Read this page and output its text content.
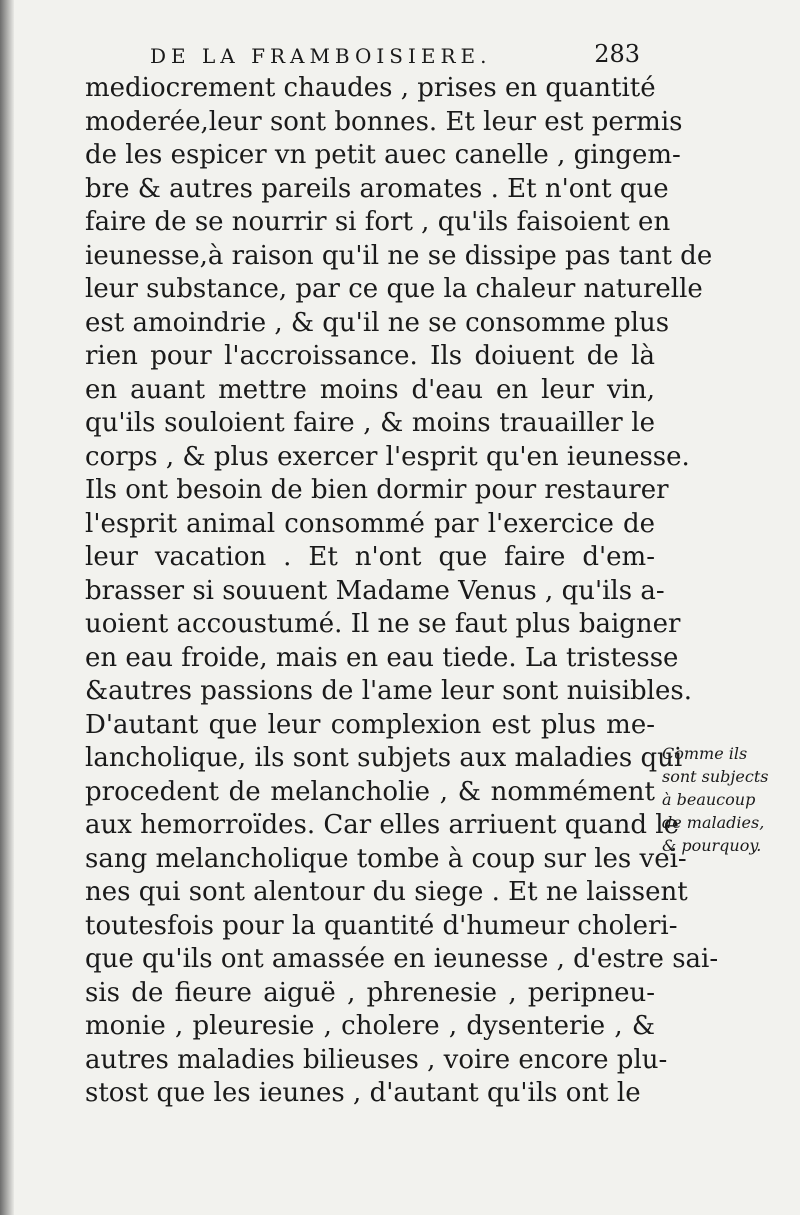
DE LA FRAMBOISIERE.	283
mediocrement chaudes , prises en quantité
moderée,leur sont bonnes. Et leur est permis
de les espicer vn petit auec canelle , gingem-
bre & autres pareils aromates . Et n'ont que
faire de se nourrir si fort , qu'ils faisoient en
ieunesse,à raison qu'il ne se dissipe pas tant de
leur substance, par ce que la chaleur naturelle
est amoindrie , & qu'il ne se consomme plus
rien pour l'accroissance. Ils doiuent de là
en auant mettre moins d'eau en leur vin,
qu'ils souloient faire , & moins trauailler le
corps , & plus exercer l'esprit qu'en ieunesse.
Ils ont besoin de bien dormir pour restaurer
l'esprit animal consommé par l'exercice de
leur vacation . Et n'ont que faire d'em-
brasser si souuent Madame Venus , qu'ils a-
uoient accoustumé. Il ne se faut plus baigner
en eau froide, mais en eau tiede. La tristesse
&autres passions de l'ame leur sont nuisibles.
D'autant que leur complexion est plus me-
lancholique, ils sont subjets aux maladies qui
procedent de melancholie , & nommément
aux hemorroïdes. Car elles arriuent quand le
sang melancholique tombe à coup sur les vei-
nes qui sont alentour du siege . Et ne laissent
toutesfois pour la quantité d'humeur choleri-
que qu'ils ont amassée en ieunesse , d'estre sai-
sis de fieure aiguë , phrenesie , peripneu-
monie , pleuresie , cholere , dysenterie , &
autres maladies bilieuses , voire encore plu-
stost que les ieunes , d'autant qu'ils ont le
Comme ils
sont subjects
à beaucoup
de maladies,
& pourquoy.
